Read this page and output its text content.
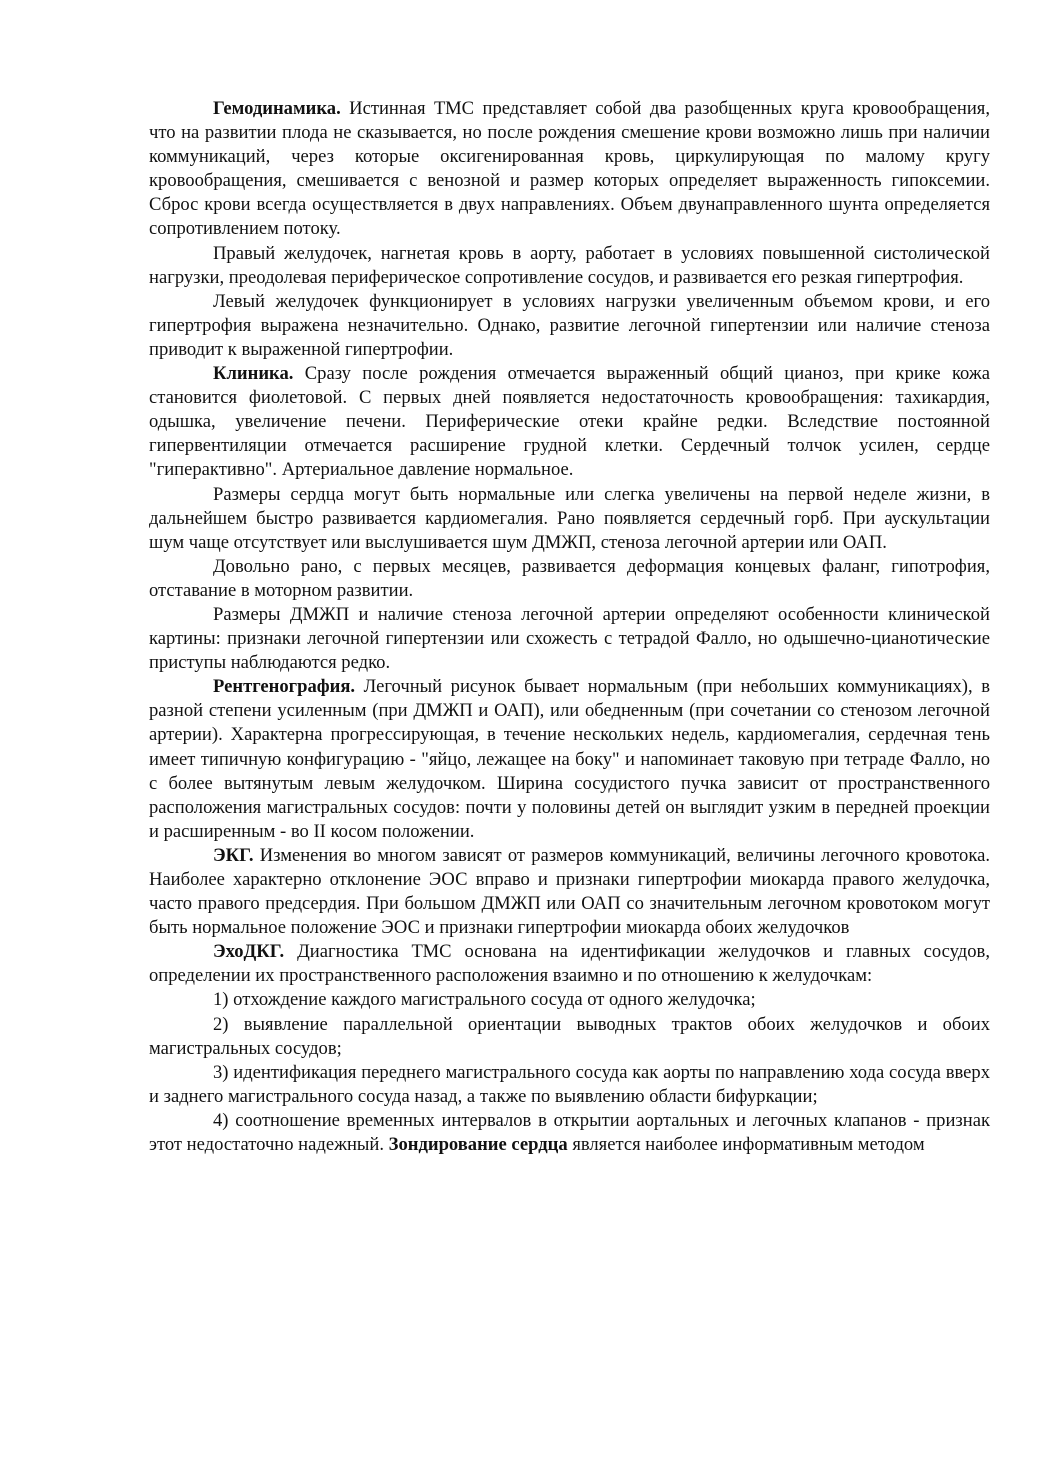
Гемодинамика. Истинная ТМС представляет собой два разобщенных круга кровообращения, что на развитии плода не сказывается, но после рождения смешение крови возможно лишь при наличии коммуникаций, через которые оксигенированная кровь, циркулирующая по малому кругу кровообращения, смешивается с венозной и размер которых определяет выраженность гипоксемии. Сброс крови всегда осуществляется в двух направлениях. Объем двунаправленного шунта определяется сопротивлением потоку.

Правый желудочек, нагнетая кровь в аорту, работает в условиях повышенной систолической нагрузки, преодолевая периферическое сопротивление сосудов, и развивается его резкая гипертрофия.

Левый желудочек функционирует в условиях нагрузки увеличенным объемом крови, и его гипертрофия выражена незначительно. Однако, развитие легочной гипертензии или наличие стеноза приводит к выраженной гипертрофии.

Клиника. Сразу после рождения отмечается выраженный общий цианоз, при крике кожа становится фиолетовой. С первых дней появляется недостаточность кровообращения: тахикардия, одышка, увеличение печени. Периферические отеки крайне редки. Вследствие постоянной гипервентиляции отмечается расширение грудной клетки. Сердечный толчок усилен, сердце "гиперактивно". Артериальное давление нормальное.

Размеры сердца могут быть нормальные или слегка увеличены на первой неделе жизни, в дальнейшем быстро развивается кардиомегалия. Рано появляется сердечный горб. При аускультации шум чаще отсутствует или выслушивается шум ДМЖП, стеноза легочной артерии или ОАП.

Довольно рано, с первых месяцев, развивается деформация концевых фаланг, гипотрофия, отставание в моторном развитии.

Размеры ДМЖП и наличие стеноза легочной артерии определяют особенности клинической картины: признаки легочной гипертензии или схожесть с тетрадой Фалло, но одышечно-цианотические приступы наблюдаются редко.

Рентгенография. Легочный рисунок бывает нормальным (при небольших коммуникациях), в разной степени усиленным (при ДМЖП и ОАП), или обедненным (при сочетании со стенозом легочной артерии). Характерна прогрессирующая, в течение нескольких недель, кардиомегалия, сердечная тень имеет типичную конфигурацию - "яйцо, лежащее на боку" и напоминает таковую при тетраде Фалло, но с более вытянутым левым желудочком. Ширина сосудистого пучка зависит от пространственного расположения магистральных сосудов: почти у половины детей он выглядит узким в передней проекции и расширенным - во II косом положении.

ЭКГ. Изменения во многом зависят от размеров коммуникаций, величины легочного кровотока. Наиболее характерно отклонение ЭОС вправо и признаки гипертрофии миокарда правого желудочка, часто правого предсердия. При большом ДМЖП или ОАП со значительным легочном кровотоком могут быть нормальное положение ЭОС и признаки гипертрофии миокарда обоих желудочков

ЭхоДКГ. Диагностика ТМС основана на идентификации желудочков и главных сосудов, определении их пространственного расположения взаимно и по отношению к желудочкам:

1) отхождение каждого магистрального сосуда от одного желудочка;

2) выявление параллельной ориентации выводных трактов обоих желудочков и обоих магистральных сосудов;

3) идентификация переднего магистрального сосуда как аорты по направлению хода сосуда вверх и заднего магистрального сосуда назад, а также по выявлению области бифуркации;

4) соотношение временных интервалов в открытии аортальных и легочных клапанов - признак этот недостаточно надежный. Зондирование сердца является наиболее информативным методом
